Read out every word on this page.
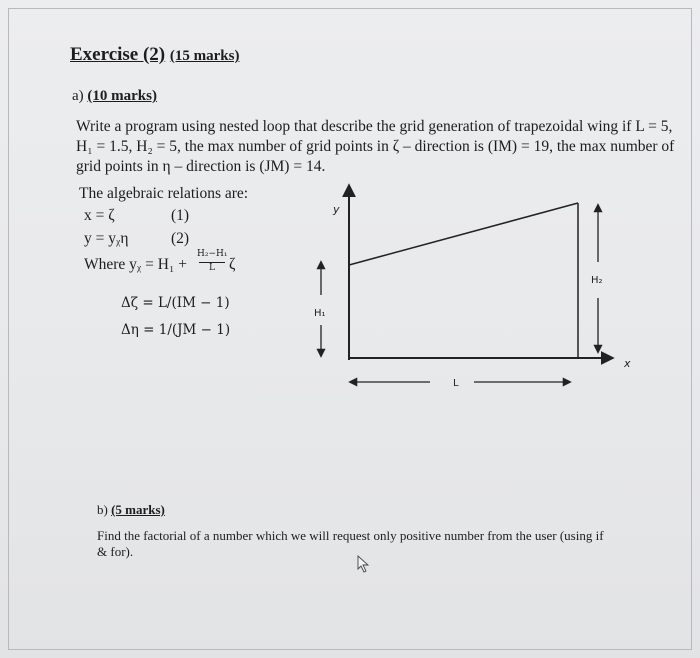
Exercise (2) (15 marks)
a) (10 marks)
Write a program using nested loop that describe the grid generation of trapezoidal wing if L = 5,
H₁ = 1.5, H₂ = 5, the max number of grid points in ζ – direction is (IM) = 19, the max number of
grid points in η – direction is (JM) = 14.
The algebraic relations are:
x = ζ	(1)
y = yᵪη	(2)
Where yᵪ = H₁ +
H₂−H₁
L ζ
Δζ = L/(IM − 1)
Δη = 1/(JM − 1)
y
x
H₁
H₂
L
b) (5 marks)
Find the factorial of a number which we will request only positive number from the user (using if
& for).
